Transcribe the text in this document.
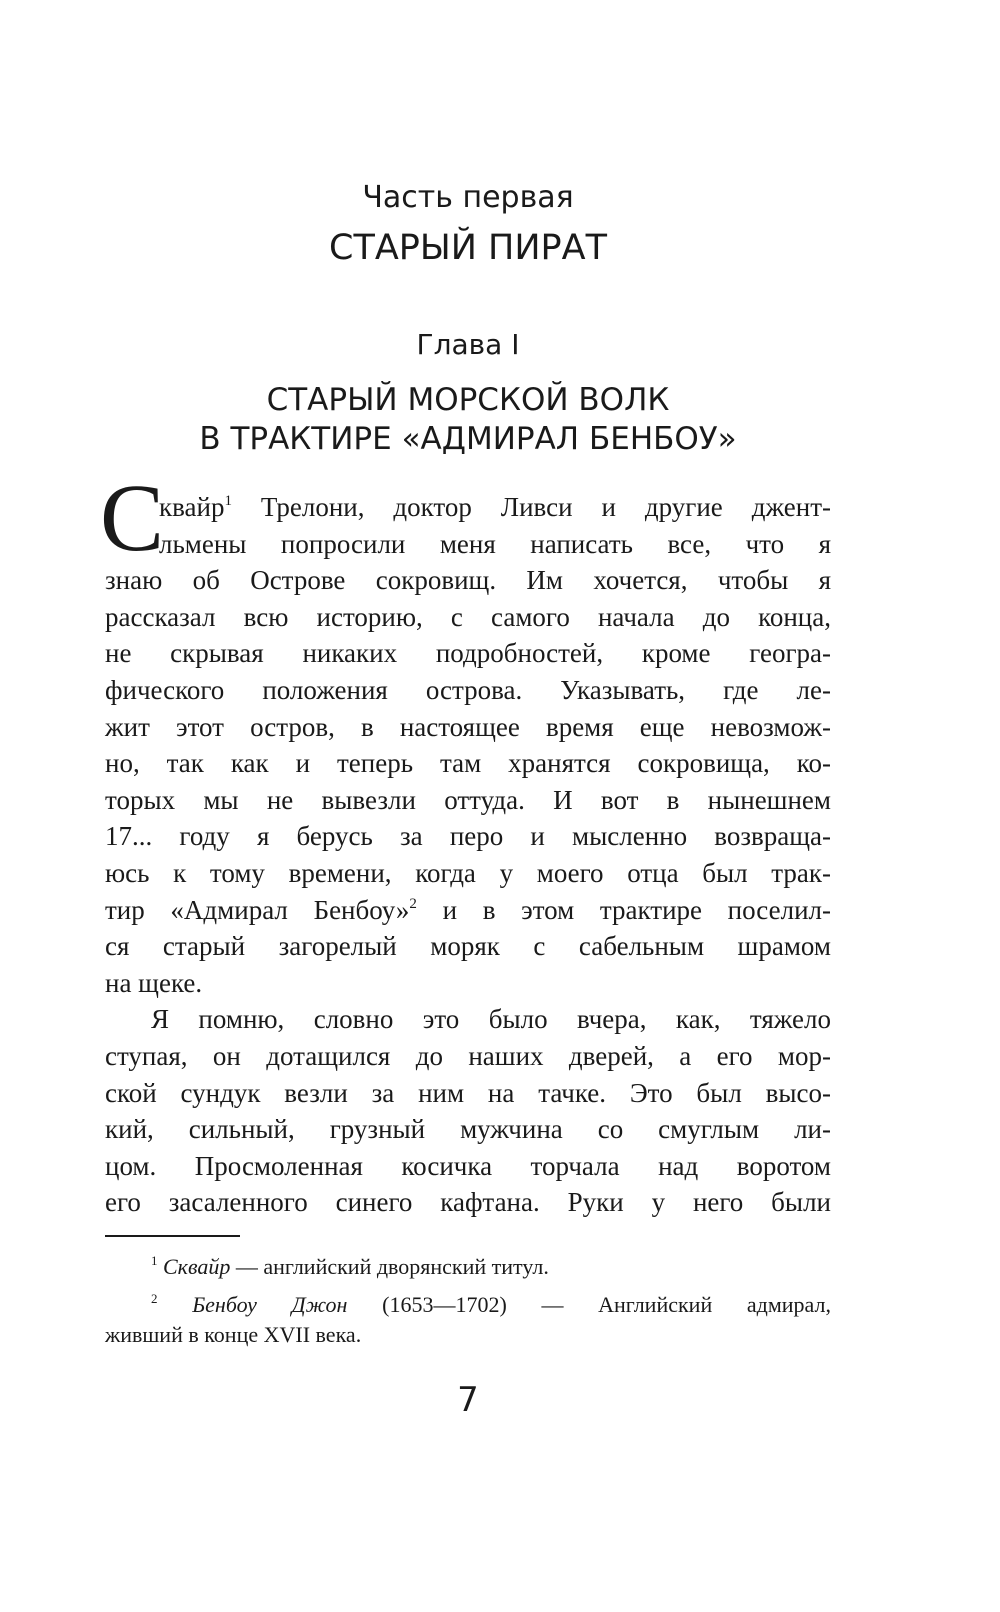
Часть первая
СТАРЫЙ ПИРАТ
Глава I
СТАРЫЙ МОРСКОЙ ВОЛК
В ТРАКТИРЕ «АДМИРАЛ БЕНБОУ»
С
квайр$^1$ Трелони, доктор Ливси и другие джент-
льмены попросили меня написать все, что я
знаю об Острове сокровищ. Им хочется, чтобы я
рассказал всю историю, с самого начала до конца,
не скрывая никаких подробностей, кроме геогра-
фического положения острова. Указывать, где ле-
жит этот остров, в настоящее время еще невозмож-
но, так как и теперь там хранятся сокровища, ко-
торых мы не вывезли оттуда. И вот в нынешнем
17... году я берусь за перо и мысленно возвраща-
юсь к тому времени, когда у моего отца был трак-
тир «Адмирал Бенбоу»$^2$ и в этом трактире поселил-
ся старый загорелый моряк с сабельным шрамом
на щеке.
Я помню, словно это было вчера, как, тяжело
ступая, он дотащился до наших дверей, а его мор-
ской сундук везли за ним на тачке. Это был высо-
кий, сильный, грузный мужчина со смуглым ли-
цом. Просмоленная косичка торчала над воротом
его засаленного синего кафтана. Руки у него были
$^1$ Сквайр — английский дворянский титул.
$^2$ Бенбоу Джон (1653—1702) — Английский адмирал,
живший в конце XVII века.
7
